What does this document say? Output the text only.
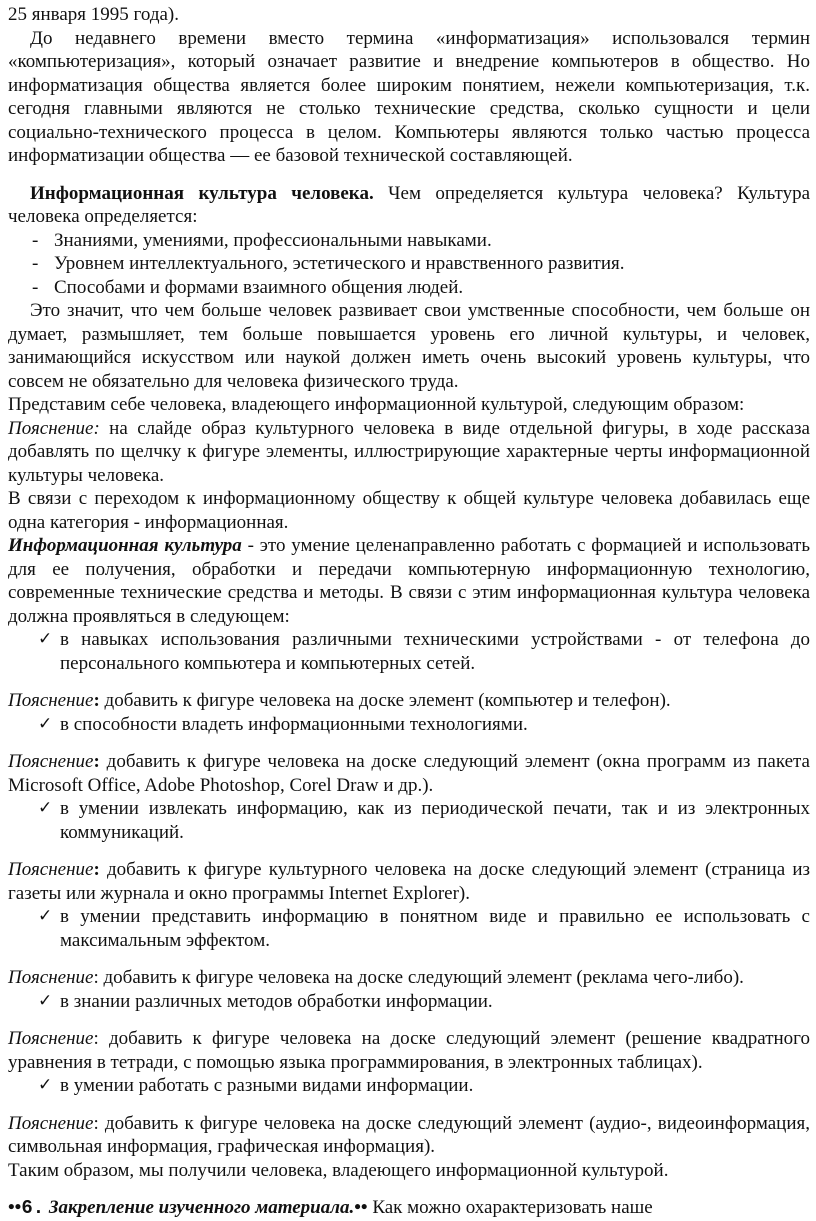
25 января 1995 года).

До недавнего времени вместо термина «информатизация» использовался термин «компьютеризация», который означает развитие и внедрение компьютеров в общество. Но информатизация общества является более широким понятием, нежели компьютеризация, т.к. сегодня главными являются не столько технические средства, сколько сущности и цели социально-технического процесса в целом. Компьютеры являются только частью процесса информатизации общества — ее базовой технической составляющей.

Информационная культура человека. Чем определяется культура человека? Культура человека определяется:

- Знаниями, умениями, профессиональными навыками.
- Уровнем интеллектуального, эстетического и нравственного развития.
- Способами и формами взаимного общения людей.

Это значит, что чем больше человек развивает свои умственные способности, чем больше он думает, размышляет, тем больше повышается уровень его личной культуры, и человек, занимающийся искусством или наукой должен иметь очень высокий уровень культуры, что совсем не обязательно для человека физического труда.

Представим себе человека, владеющего информационной культурой, следующим образом:

Пояснение: на слайде образ культурного человека в виде отдельной фигуры, в ходе рассказа добавлять по щелчку к фигуре элементы, иллюстрирующие характерные черты информационной культуры человека.

В связи с переходом к информационному обществу к общей культуре человека добавилась еще одна категория - информационная.

Информационная культура - это умение целенаправленно работать с формацией и использовать для ее получения, обработки и передачи компьютерную информационную технологию, современные технические средства и методы. В связи с этим информационная культура человека должна проявляться в следующем:

✓ в навыках использования различными техническими устройствами - от телефона до персонального компьютера и компьютерных сетей.

Пояснение: добавить к фигуре человека на доске элемент (компьютер и телефон).

✓ в способности владеть информационными технологиями.

Пояснение: добавить к фигуре человека на доске следующий элемент (окна программ из пакета Microsoft Office, Adobe Photoshop, Corel Draw и др.).

✓ в умении извлекать информацию, как из периодической печати, так и из электронных коммуникаций.

Пояснение: добавить к фигуре культурного человека на доске следующий элемент (страница из газеты или журнала и окно программы Internet Explorer).

✓ в умении представить информацию в понятном виде и правильно ее использовать с максимальным эффектом.

Пояснение: добавить к фигуре человека на доске следующий элемент (реклама чего-либо).

✓ в знании различных методов обработки информации.

Пояснение: добавить к фигуре человека на доске следующий элемент (решение квадратного уравнения в тетради, с помощью языка программирования, в электронных таблицах).

✓ в умении работать с разными видами информации.

Пояснение: добавить к фигуре человека на доске следующий элемент (аудио-, видеоинформация, символьная информация, графическая информация).

Таким образом, мы получили человека, владеющего информационной культурой.

••6. Закрепление изученного материала.•• Как можно охарактеризовать наше
